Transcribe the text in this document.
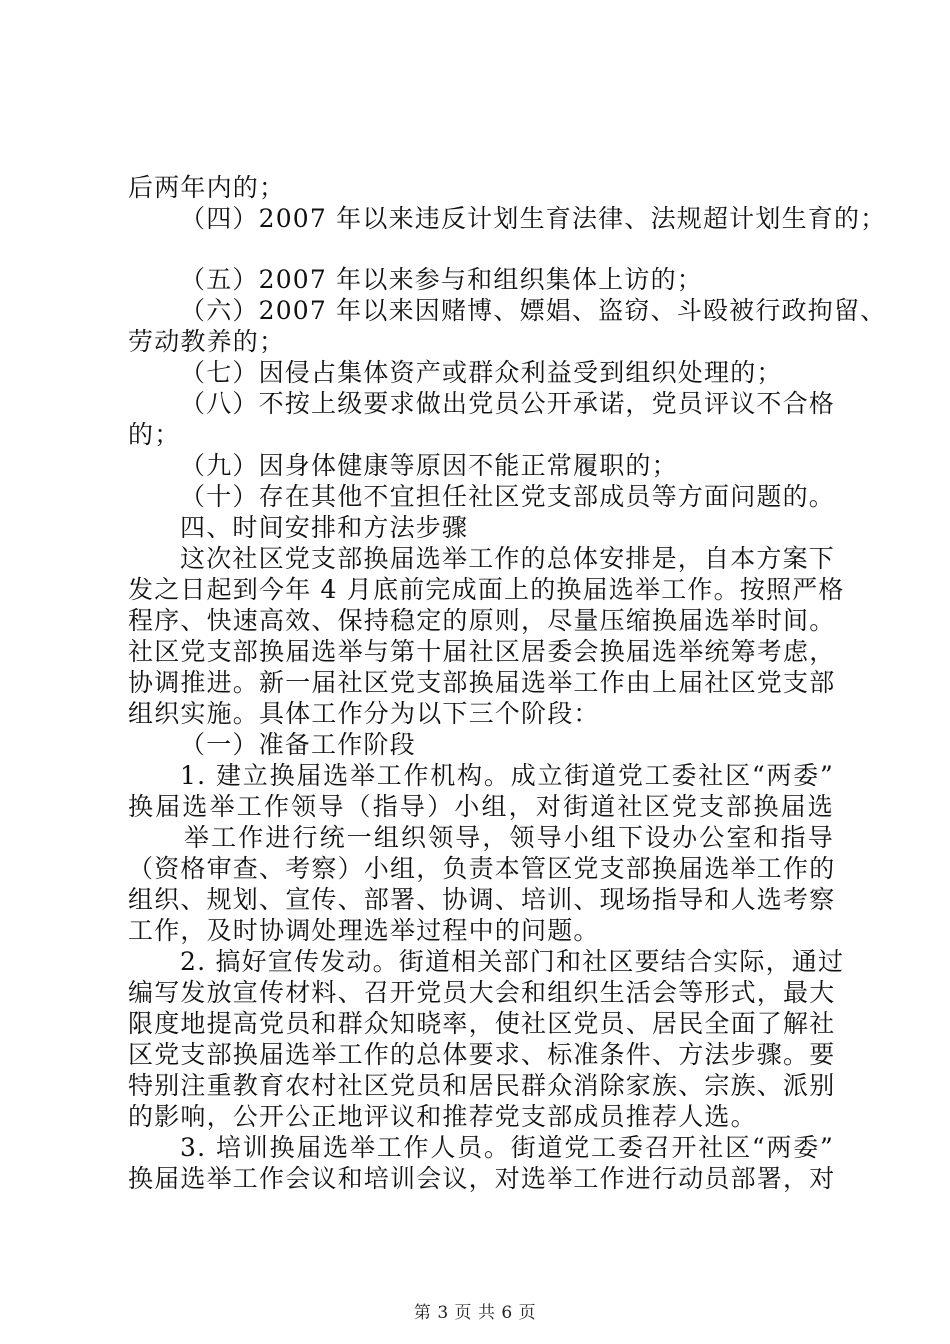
后两年内的；
（四）2007 年以来违反计划生育法律、法规超计划生育的；
（五）2007 年以来参与和组织集体上访的；
（六）2007 年以来因赌博、嫖娼、盗窃、斗殴被行政拘留、
劳动教养的；
（七）因侵占集体资产或群众利益受到组织处理的；
（八）不按上级要求做出党员公开承诺，党员评议不合格
的；
（九）因身体健康等原因不能正常履职的；
（十）存在其他不宜担任社区党支部成员等方面问题的。
四、时间安排和方法步骤
这次社区党支部换届选举工作的总体安排是，自本方案下
发之日起到今年 4 月底前完成面上的换届选举工作。按照严格
程序、快速高效、保持稳定的原则，尽量压缩换届选举时间。
社区党支部换届选举与第十届社区居委会换届选举统筹考虑，
协调推进。新一届社区党支部换届选举工作由上届社区党支部
组织实施。具体工作分为以下三个阶段：
（一）准备工作阶段
1. 建立换届选举工作机构。成立街道党工委社区“两委”
换届选举工作领导（指导）小组，对街道社区党支部换届选
举工作进行统一组织领导，领导小组下设办公室和指导
（资格审查、考察）小组，负责本管区党支部换届选举工作的
组织、规划、宣传、部署、协调、培训、现场指导和人选考察
工作，及时协调处理选举过程中的问题。
2. 搞好宣传发动。街道相关部门和社区要结合实际，通过
编写发放宣传材料、召开党员大会和组织生活会等形式，最大
限度地提高党员和群众知晓率，使社区党员、居民全面了解社
区党支部换届选举工作的总体要求、标准条件、方法步骤。要
特别注重教育农村社区党员和居民群众消除家族、宗族、派别
的影响，公开公正地评议和推荐党支部成员推荐人选。
3. 培训换届选举工作人员。街道党工委召开社区“两委”
换届选举工作会议和培训会议，对选举工作进行动员部署，对
第 3 页 共 6 页
